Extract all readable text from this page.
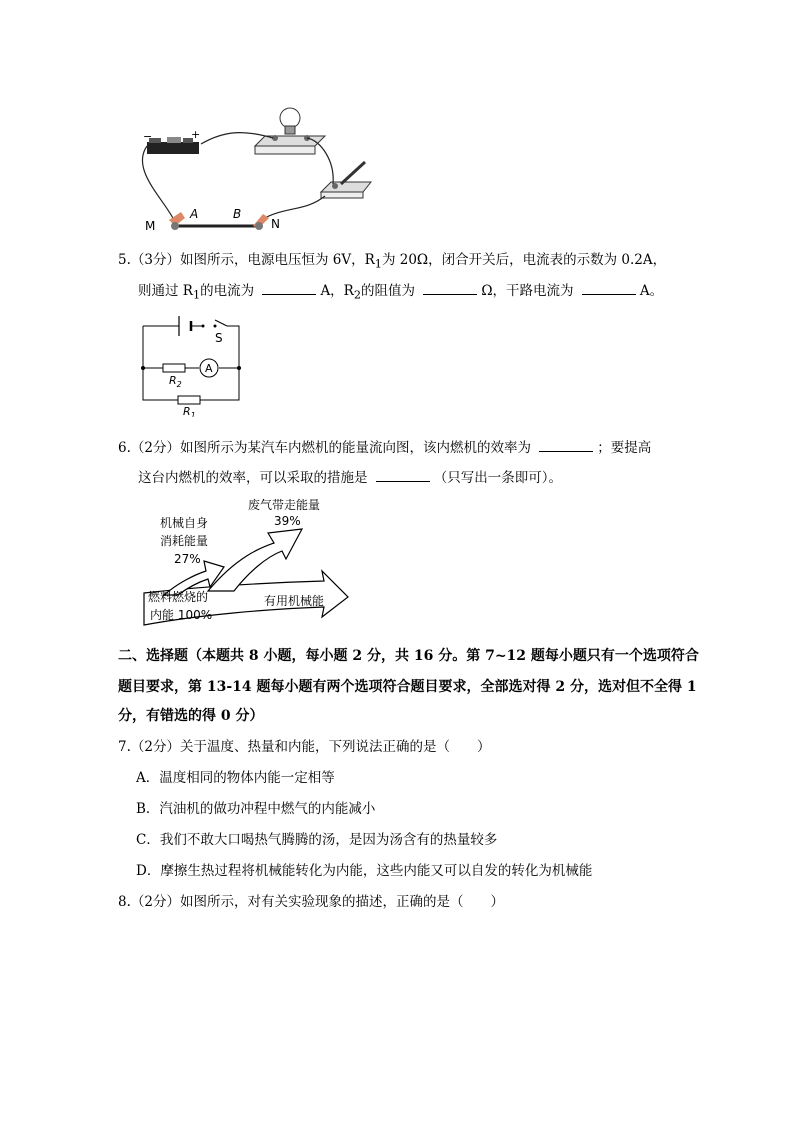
−	+
M
A	B
N
5.（3分）如图所示，电源电压恒为 6V，$R_1$为 20Ω，闭合开关后，电流表的示数为 0.2A，
则通过 $R_1$的电流为	A，$R_2$的阻值为	Ω，干路电流为	A。
S
A
$R_2$
$R_1$
6.（2分）如图所示为某汽车内燃机的能量流向图，该内燃机的效率为	；要提高
这台内燃机的效率，可以采取的措施是	（只写出一条即可）。
废气带走能量
39%
机械自身
消耗能量
27%
燃料燃烧的
内能 100%
有用机械能
二、选择题（本题共 8 小题，每小题 2 分，共 16 分。第 7~12 题每小题只有一个选项符合
题目要求，第 13-14 题每小题有两个选项符合题目要求，全部选对得 2 分，选对但不全得 1
分，有错选的得 0 分）
7.（2分）关于温度、热量和内能，下列说法正确的是（　　）
A．温度相同的物体内能一定相等
B．汽油机的做功冲程中燃气的内能减小
C．我们不敢大口喝热气腾腾的汤，是因为汤含有的热量较多
D．摩擦生热过程将机械能转化为内能，这些内能又可以自发的转化为机械能
8.（2分）如图所示，对有关实验现象的描述，正确的是（　　）
